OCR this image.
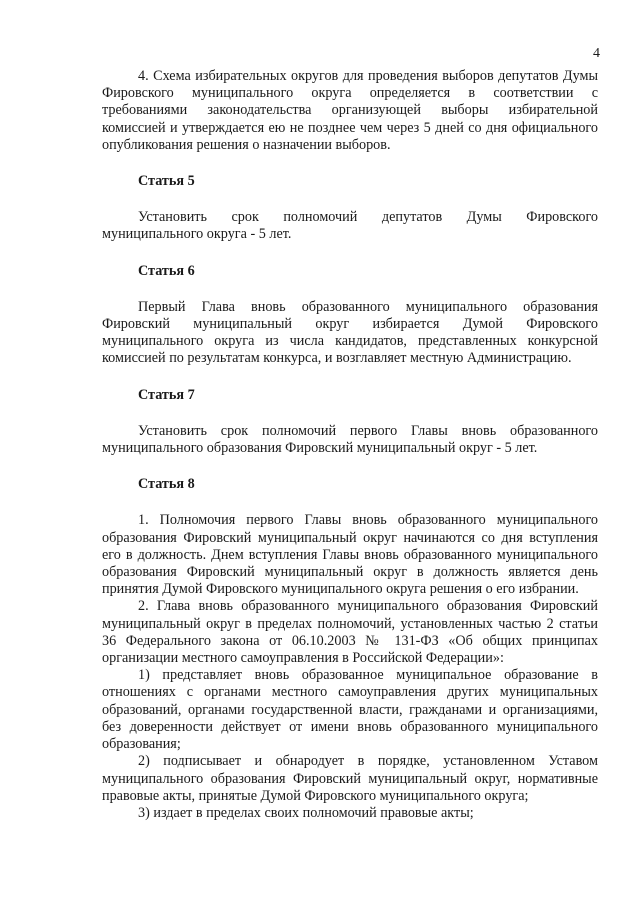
4

4. Схема избирательных округов для проведения выборов депутатов Думы Фировского муниципального округа определяется в соответствии с требованиями законодательства организующей выборы избирательной комиссией и утверждается ею не позднее чем через 5 дней со дня официального опубликования решения о назначении выборов.

Статья 5

Установить срок полномочий депутатов Думы Фировского муниципального округа - 5 лет.

Статья 6

Первый Глава вновь образованного муниципального образования Фировский муниципальный округ избирается Думой Фировского муниципального округа из числа кандидатов, представленных конкурсной комиссией по результатам конкурса, и возглавляет местную Администрацию.

Статья 7

Установить срок полномочий первого Главы вновь образованного муниципального образования Фировский муниципальный округ - 5 лет.

Статья 8

1. Полномочия первого Главы вновь образованного муниципального образования Фировский муниципальный округ начинаются со дня вступления его в должность. Днем вступления Главы вновь образованного муниципального образования Фировский муниципальный округ в должность является день принятия Думой Фировского муниципального округа решения о его избрании.

2. Глава вновь образованного муниципального образования Фировский муниципальный округ в пределах полномочий, установленных частью 2 статьи 36 Федерального закона от 06.10.2003 № 131-ФЗ «Об общих принципах организации местного самоуправления в Российской Федерации»:

1) представляет вновь образованное муниципальное образование в отношениях с органами местного самоуправления других муниципальных образований, органами государственной власти, гражданами и организациями, без доверенности действует от имени вновь образованного муниципального образования;

2) подписывает и обнародует в порядке, установленном Уставом муниципального образования Фировский муниципальный округ, нормативные правовые акты, принятые Думой Фировского муниципального округа;

3) издает в пределах своих полномочий правовые акты;
